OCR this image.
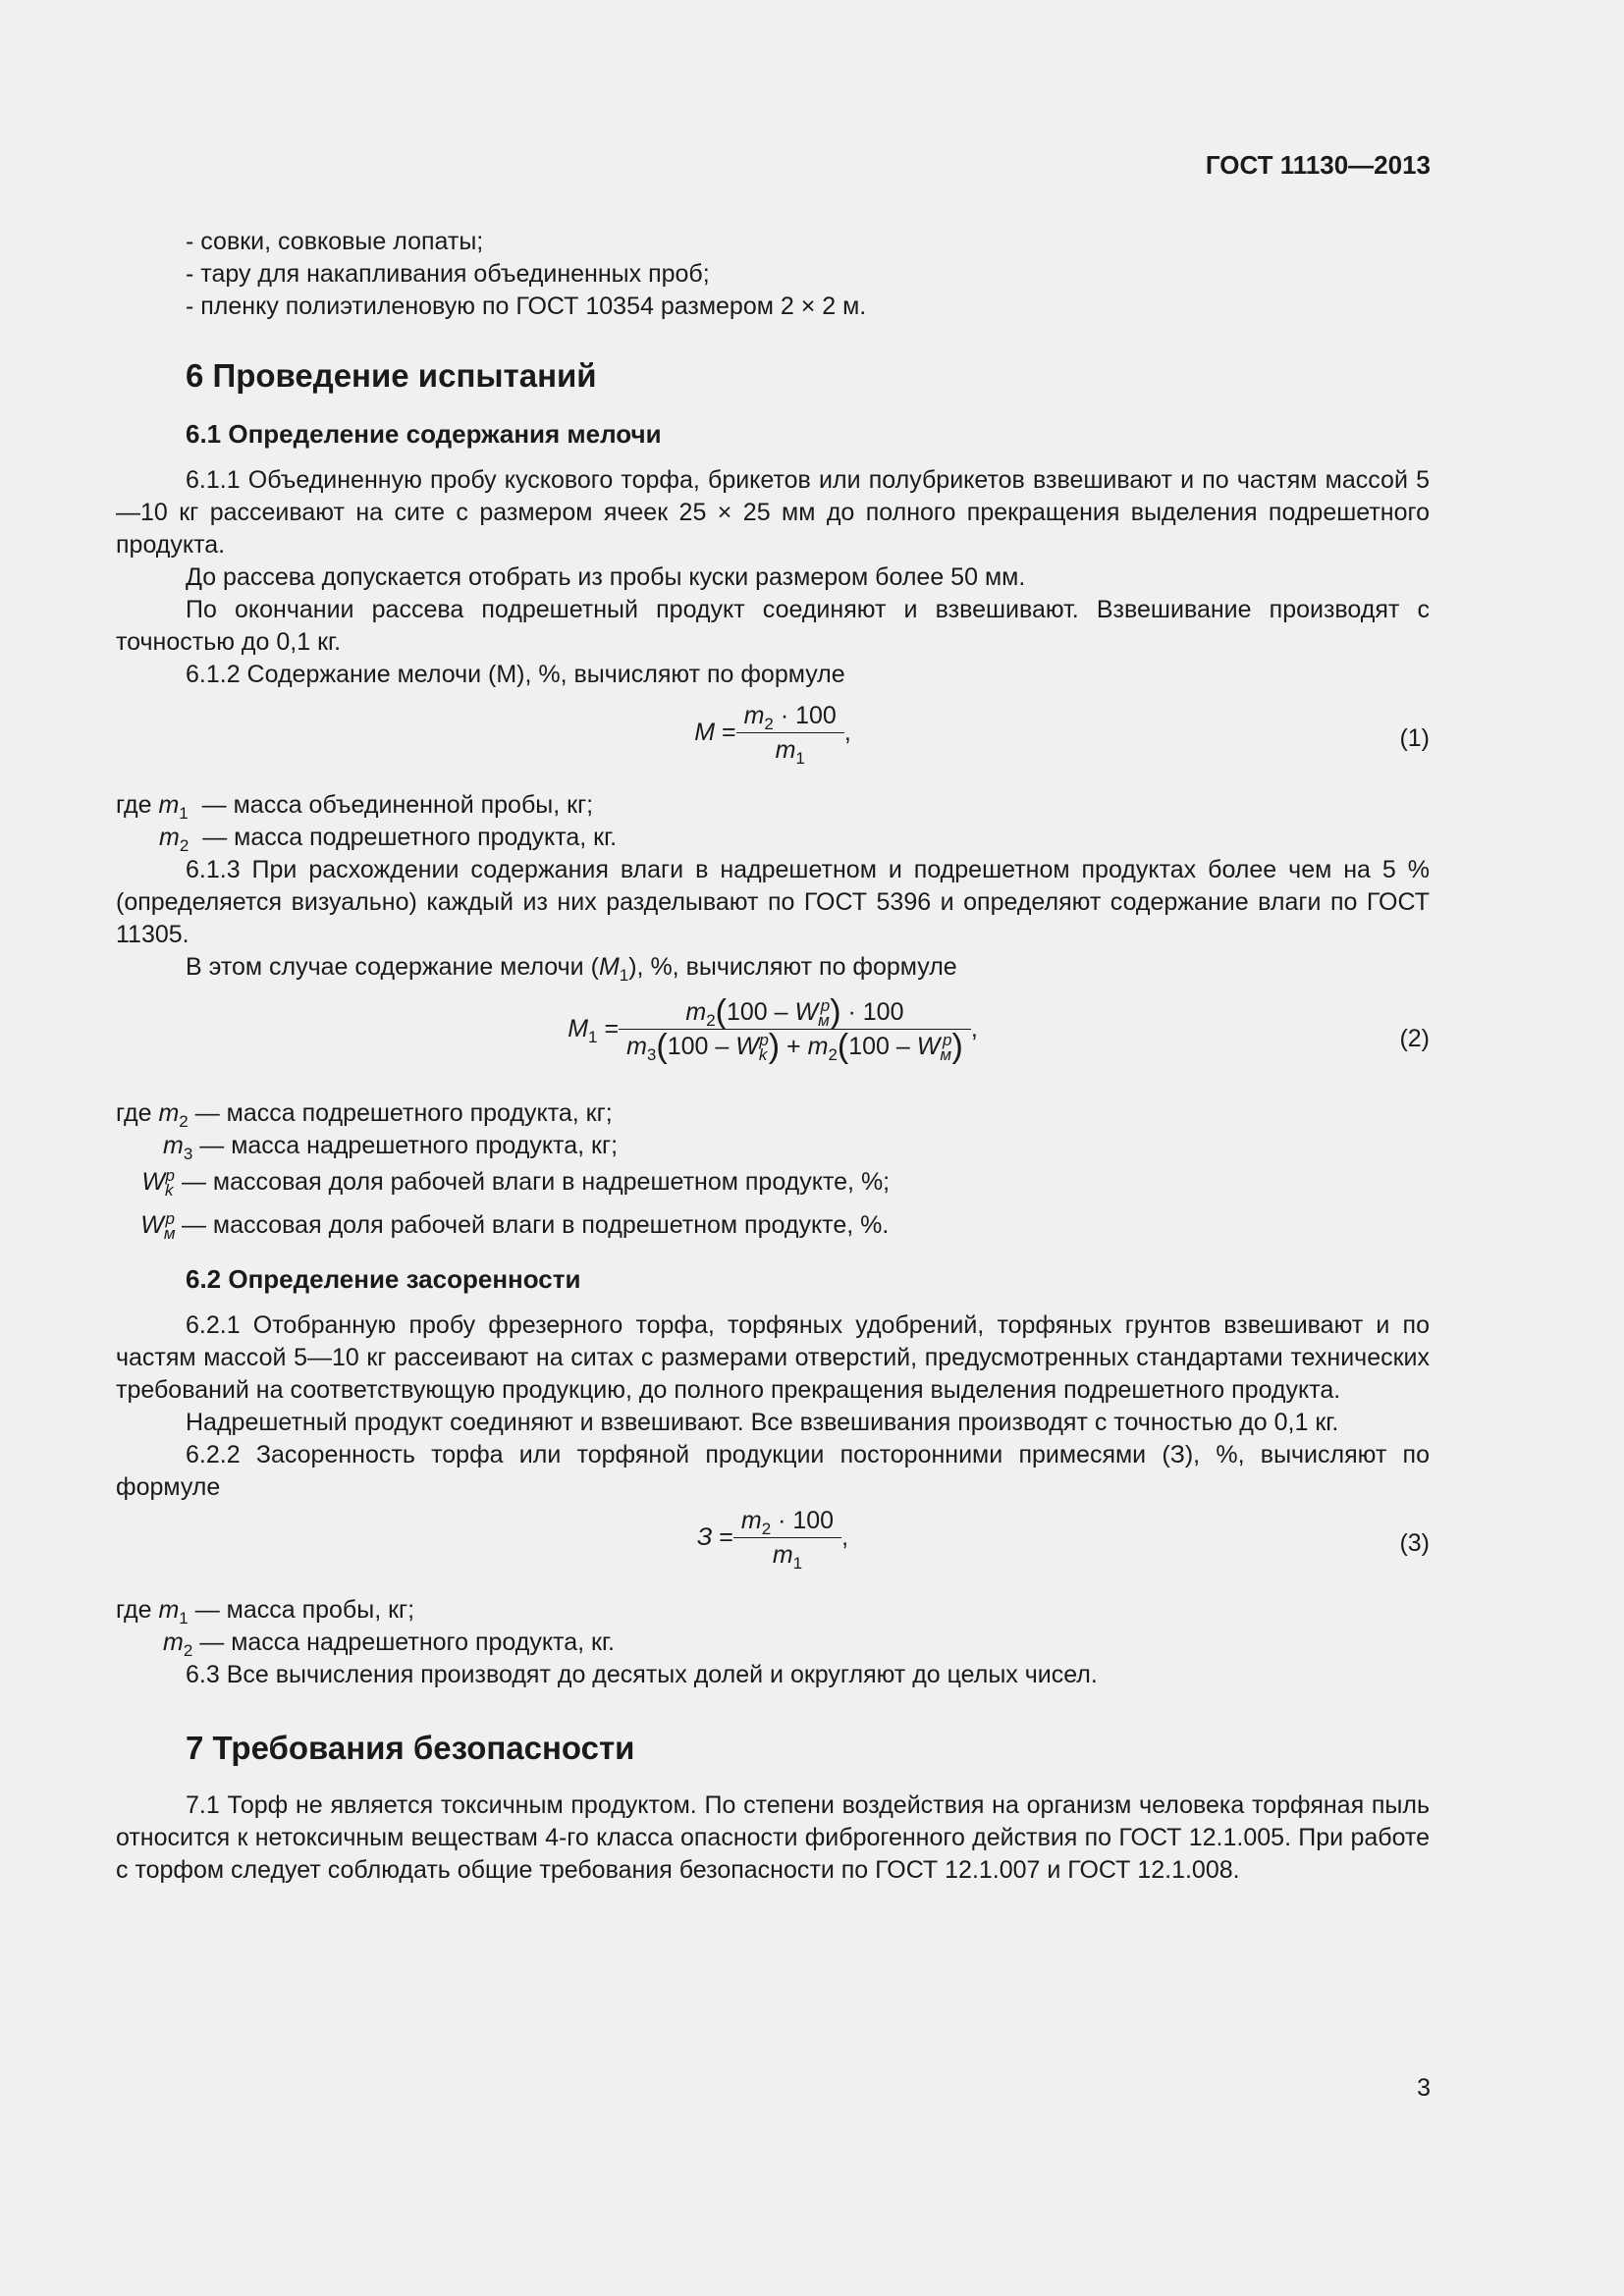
ГОСТ 11130—2013

- совки, совковые лопаты;

- тару для накапливания объединенных проб;

- пленку полиэтиленовую по ГОСТ 10354 размером 2 × 2 м.

6 Проведение испытаний
6.1 Определение содержания мелочи

6.1.1 Объединенную пробу кускового торфа, брикетов или полубрикетов взвешивают и по частям массой 5—10 кг рассеивают на сите с размером ячеек 25 × 25 мм до полного прекращения выделения подрешетного продукта.

До рассева допускается отобрать из пробы куски размером более 50 мм.

По окончании рассева подрешетный продукт соединяют и взвешивают. Взвешивание производят с точностью до 0,1 кг.

6.1.2 Содержание мелочи (М), %, вычисляют по формуле

$M = \frac{m_2 \cdot 100}{m_1}$ ,	(1)
где $m_1$ — масса объединенной пробы, кг;
$m_2$ — масса подрешетного продукта, кг.

6.1.3 При расхождении содержания влаги в надрешетном и подрешетном продуктах более чем на 5 % (определяется визуально) каждый из них разделывают по ГОСТ 5396 и определяют содержание влаги по ГОСТ 11305.

В этом случае содержание мелочи $(M_1)$, %, вычисляют по формуле

$M_1 = \frac{m_2(100 - W_м^p) \cdot 100}{m_3(100 - W_k^p) + m_2(100 - W_м^p)}$ ,	(2)
где $m_2$ — масса подрешетного продукта, кг;
$m_3$ — масса надрешетного продукта, кг;
$W_k^p$ — массовая доля рабочей влаги в надрешетном продукте, %;
$W_м^p$ — массовая доля рабочей влаги в подрешетном продукте, %.
6.2 Определение засоренности

6.2.1 Отобранную пробу фрезерного торфа, торфяных удобрений, торфяных грунтов взвешивают и по частям массой 5—10 кг рассеивают на ситах с размерами отверстий, предусмотренных стандартами технических требований на соответствующую продукцию, до полного прекращения выделения подрешетного продукта.

Надрешетный продукт соединяют и взвешивают. Все взвешивания производят с точностью до 0,1 кг.

6.2.2 Засоренность торфа или торфяной продукции посторонними примесями (З), %, вычисляют по формуле

$З = \frac{m_2 \cdot 100}{m_1}$ ,	(3)
где $m_1$ — масса пробы, кг;
$m_2$ — масса надрешетного продукта, кг.

6.3 Все вычисления производят до десятых долей и округляют до целых чисел.

7 Требования безопасности

7.1 Торф не является токсичным продуктом. По степени воздействия на организм человека торфяная пыль относится к нетоксичным веществам 4-го класса опасности фиброгенного действия по ГОСТ 12.1.005. При работе с торфом следует соблюдать общие требования безопасности по ГОСТ 12.1.007 и ГОСТ 12.1.008.

3
